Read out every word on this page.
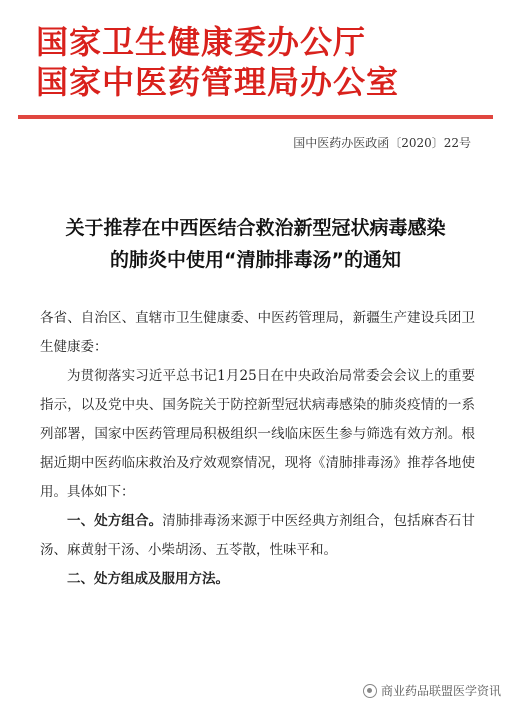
国家卫生健康委办公厅
国家中医药管理局办公室
国中医药办医政函〔2020〕22号
关于推荐在中西医结合救治新型冠状病毒感染
的肺炎中使用“清肺排毒汤”的通知

各省、自治区、直辖市卫生健康委、中医药管理局，新疆生产建设兵团卫生健康委：

为贯彻落实习近平总书记1月25日在中央政治局常委会会议上的重要指示，以及党中央、国务院关于防控新型冠状病毒感染的肺炎疫情的一系列部署，国家中医药管理局积极组织一线临床医生参与筛选有效方剂。根据近期中医药临床救治及疗效观察情况，现将《清肺排毒汤》推荐各地使用。具体如下：

一、处方组合。清肺排毒汤来源于中医经典方剂组合，包括麻杏石甘汤、麻黄射干汤、小柴胡汤、五苓散，性味平和。

二、处方组成及服用方法。

商业药品联盟医学资讯
